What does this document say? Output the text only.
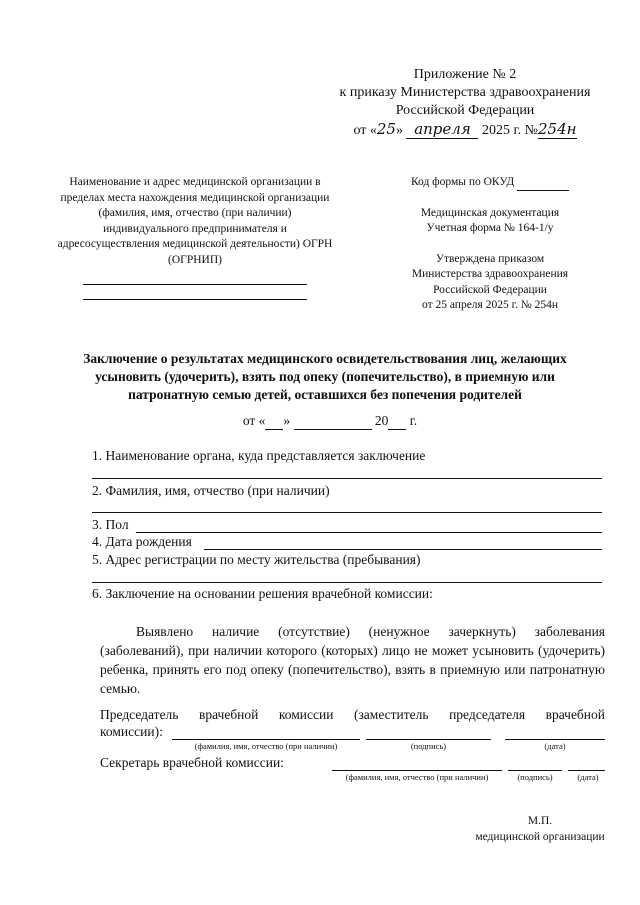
Приложение № 2
к приказу Министерства здравоохранения
Российской Федерации
от «25» апреля 2025 г. №254н
Наименование и адрес медицинской организации в пределах места нахождения медицинской организации (фамилия, имя, отчество (при наличии) индивидуального предпринимателя и адресосуществления медицинской деятельности) ОГРН (ОГРНИП)
Код формы по ОКУД
Медицинская документация
Учетная форма № 164-1/у
Утверждена приказом
Министерства здравоохранения
Российской Федерации
от 25 апреля 2025 г. № 254н
Заключение о результатах медицинского освидетельствования лиц, желающих усыновить (удочерить), взять под опеку (попечительство), в приемную или патронатную семью детей, оставшихся без попечения родителей
от « »	20 г.
1. Наименование органа, куда представляется заключение
2. Фамилия, имя, отчество (при наличии)
3. Пол
4. Дата рождения
5. Адрес регистрации по месту жительства (пребывания)
6. Заключение на основании решения врачебной комиссии:
Выявлено наличие (отсутствие) (ненужное зачеркнуть) заболевания (заболеваний), при наличии которого (которых) лицо не может усыновить (удочерить) ребенка, принять его под опеку (попечительство), взять в приемную или патронатную семью.
Председатель врачебной комиссии (заместитель председателя врачебной
комиссии):
(фамилия, имя, отчество (при наличии)	(подпись)	(дата)
Секретарь врачебной комиссии:
(фамилия, имя, отчество (при наличии)	(подпись)	(дата)
М.П.
медицинской организации
